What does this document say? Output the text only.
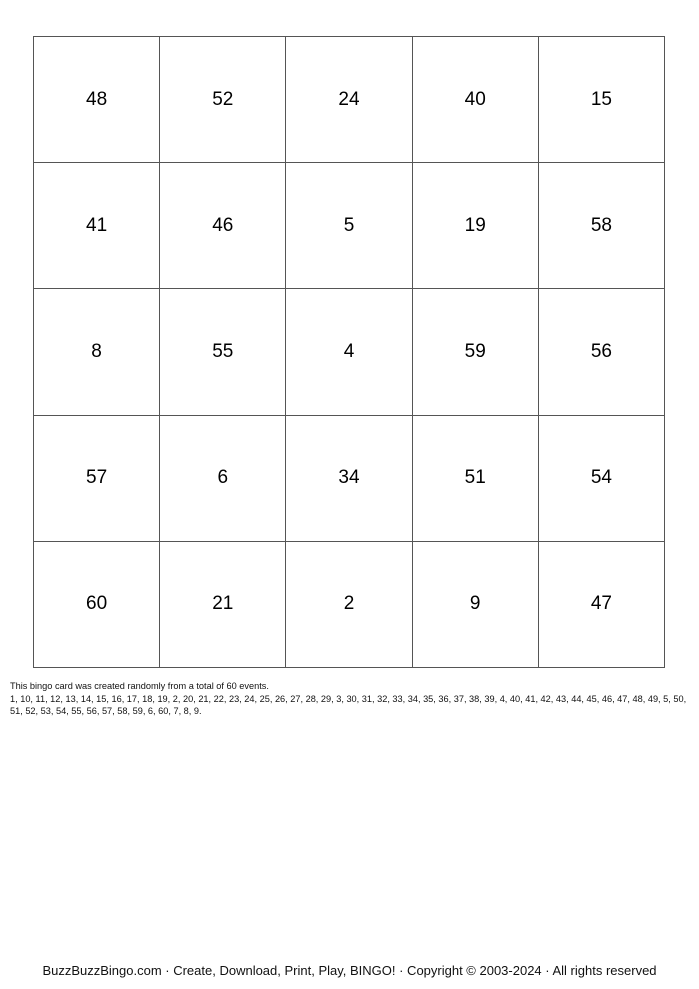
48	52	24	40	15
41	46	5	19	58
8	55	4	59	56
57	6	34	51	54
60	21	2	9	47
This bingo card was created randomly from a total of 60 events.
1, 10, 11, 12, 13, 14, 15, 16, 17, 18, 19, 2, 20, 21, 22, 23, 24, 25, 26, 27, 28, 29, 3, 30, 31, 32, 33, 34, 35, 36, 37, 38, 39, 4, 40, 41, 42, 43, 44, 45, 46, 47, 48, 49, 5, 50, 51, 52, 53, 54, 55, 56, 57, 58, 59, 6, 60, 7, 8, 9.
BuzzBuzzBingo.com · Create, Download, Print, Play, BINGO! · Copyright © 2003-2024 · All rights reserved
